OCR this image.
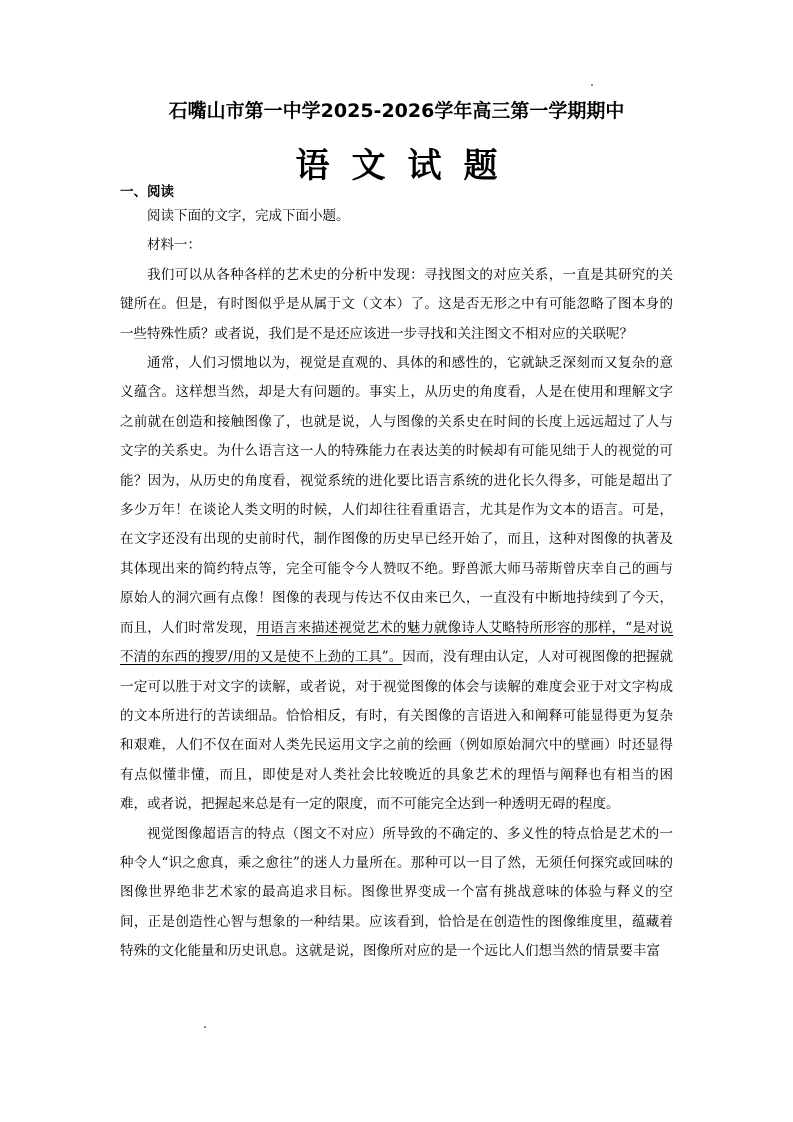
石嘴山市第一中学2025-2026学年高三第一学期期中
语文试题
一、阅读

阅读下面的文字，完成下面小题。

材料一：

我们可以从各种各样的艺术史的分析中发现：寻找图文的对应关系，一直是其研究的关键所在。但是，有时图似乎是从属于文（文本）了。这是否无形之中有可能忽略了图本身的一些特殊性质？或者说，我们是不是还应该进一步寻找和关注图文不相对应的关联呢？

通常，人们习惯地以为，视觉是直观的、具体的和感性的，它就缺乏深刻而又复杂的意义蕴含。这样想当然，却是大有问题的。事实上，从历史的角度看，人是在使用和理解文字之前就在创造和接触图像了，也就是说，人与图像的关系史在时间的长度上远远超过了人与文字的关系史。为什么语言这一人的特殊能力在表达美的时候却有可能见绌于人的视觉的可能？因为，从历史的角度看，视觉系统的进化要比语言系统的进化长久得多，可能是超出了多少万年！在谈论人类文明的时候，人们却往往看重语言，尤其是作为文本的语言。可是，在文字还没有出现的史前时代，制作图像的历史早已经开始了，而且，这种对图像的执著及其体现出来的简约特点等，完全可能令今人赞叹不绝。野兽派大师马蒂斯曾庆幸自己的画与原始人的洞穴画有点像！图像的表现与传达不仅由来已久，一直没有中断地持续到了今天，而且，人们时常发现，用语言来描述视觉艺术的魅力就像诗人艾略特所形容的那样，“是对说不清的东西的搜罗/用的又是使不上劲的工具”。因而，没有理由认定，人对可视图像的把握就一定可以胜于对文字的读解，或者说，对于视觉图像的体会与读解的难度会亚于对文字构成的文本所进行的苦读细品。恰恰相反，有时，有关图像的言语进入和阐释可能显得更为复杂和艰难，人们不仅在面对人类先民运用文字之前的绘画（例如原始洞穴中的壁画）时还显得有点似懂非懂，而且，即使是对人类社会比较晚近的具象艺术的理悟与阐释也有相当的困难，或者说，把握起来总是有一定的限度，而不可能完全达到一种透明无碍的程度。

视觉图像超语言的特点（图文不对应）所导致的不确定的、多义性的特点恰是艺术的一种令人“识之愈真，乘之愈往”的迷人力量所在。那种可以一目了然，无须任何探究或回味的图像世界绝非艺术家的最高追求目标。图像世界变成一个富有挑战意味的体验与释义的空间，正是创造性心智与想象的一种结果。应该看到，恰恰是在创造性的图像维度里，蕴藏着特殊的文化能量和历史讯息。这就是说，图像所对应的是一个远比人们想当然的情景要丰富
